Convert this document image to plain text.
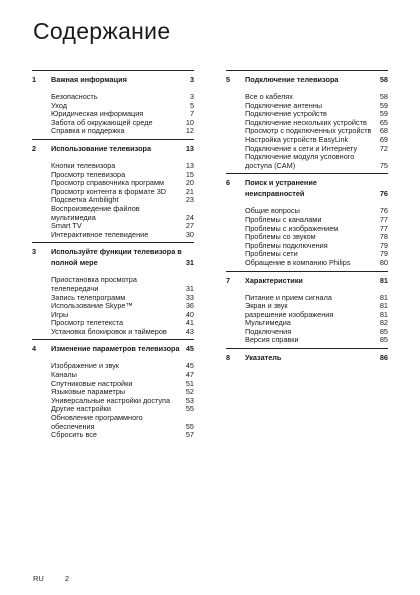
Содержание
1	Важная информация	3
Безопасность	3
Уход	5
Юридическая информация	7
Забота об окружающей среде	10
Справка и поддержка	12
2	Использование телевизора	13
Кнопки телевизора	13
Просмотр телевизора	15
Просмотр справочника программ	20
Просмотр контента в формате 3D	21
Подсветка Ambilight	23
Воспроизведение файлов мультимедиа	24
Smart TV	27
Интерактивное телевидение	30
3	Используйте функции телевизора в полной мере	31
Приостановка просмотра телепередачи	31
Запись телепрограмм	33
Использование Skype™	36
Игры	40
Просмотр телетекста	41
Установка блокировок и таймеров	43
4	Изменение параметров телевизора 45
Изображение и звук	45
Каналы	47
Спутниковые настройки	51
Языковые параметры	52
Универсальные настройки доступа	53
Другие настройки	55
Обновление программного обеспечения	55
Сбросить все	57
5	Подключение телевизора	58
Все о кабелях	58
Подключение антенны	59
Подключение устройств	59
Подключение нескольких устройств	65
Просмотр с подключенных устройств	68
Настройка устройств EasyLink	69
Подключение к сети и Интернету	72
Подключение модуля условного доступа (CAM)	75
6	Поиск и устранение неисправностей	76
Общие вопросы	76
Проблемы с каналами	77
Проблемы с изображением	77
Проблемы со звуком	78
Проблемы подключения	79
Проблемы сети	79
Обращение в компанию Philips	80
7	Характеристики	81
Питание и прием сигнала	81
Экран и звук	81
разрешение изображения	81
Мультимедиа	82
Подключения	85
Версия справки	85
8	Указатель	86
RU	2
